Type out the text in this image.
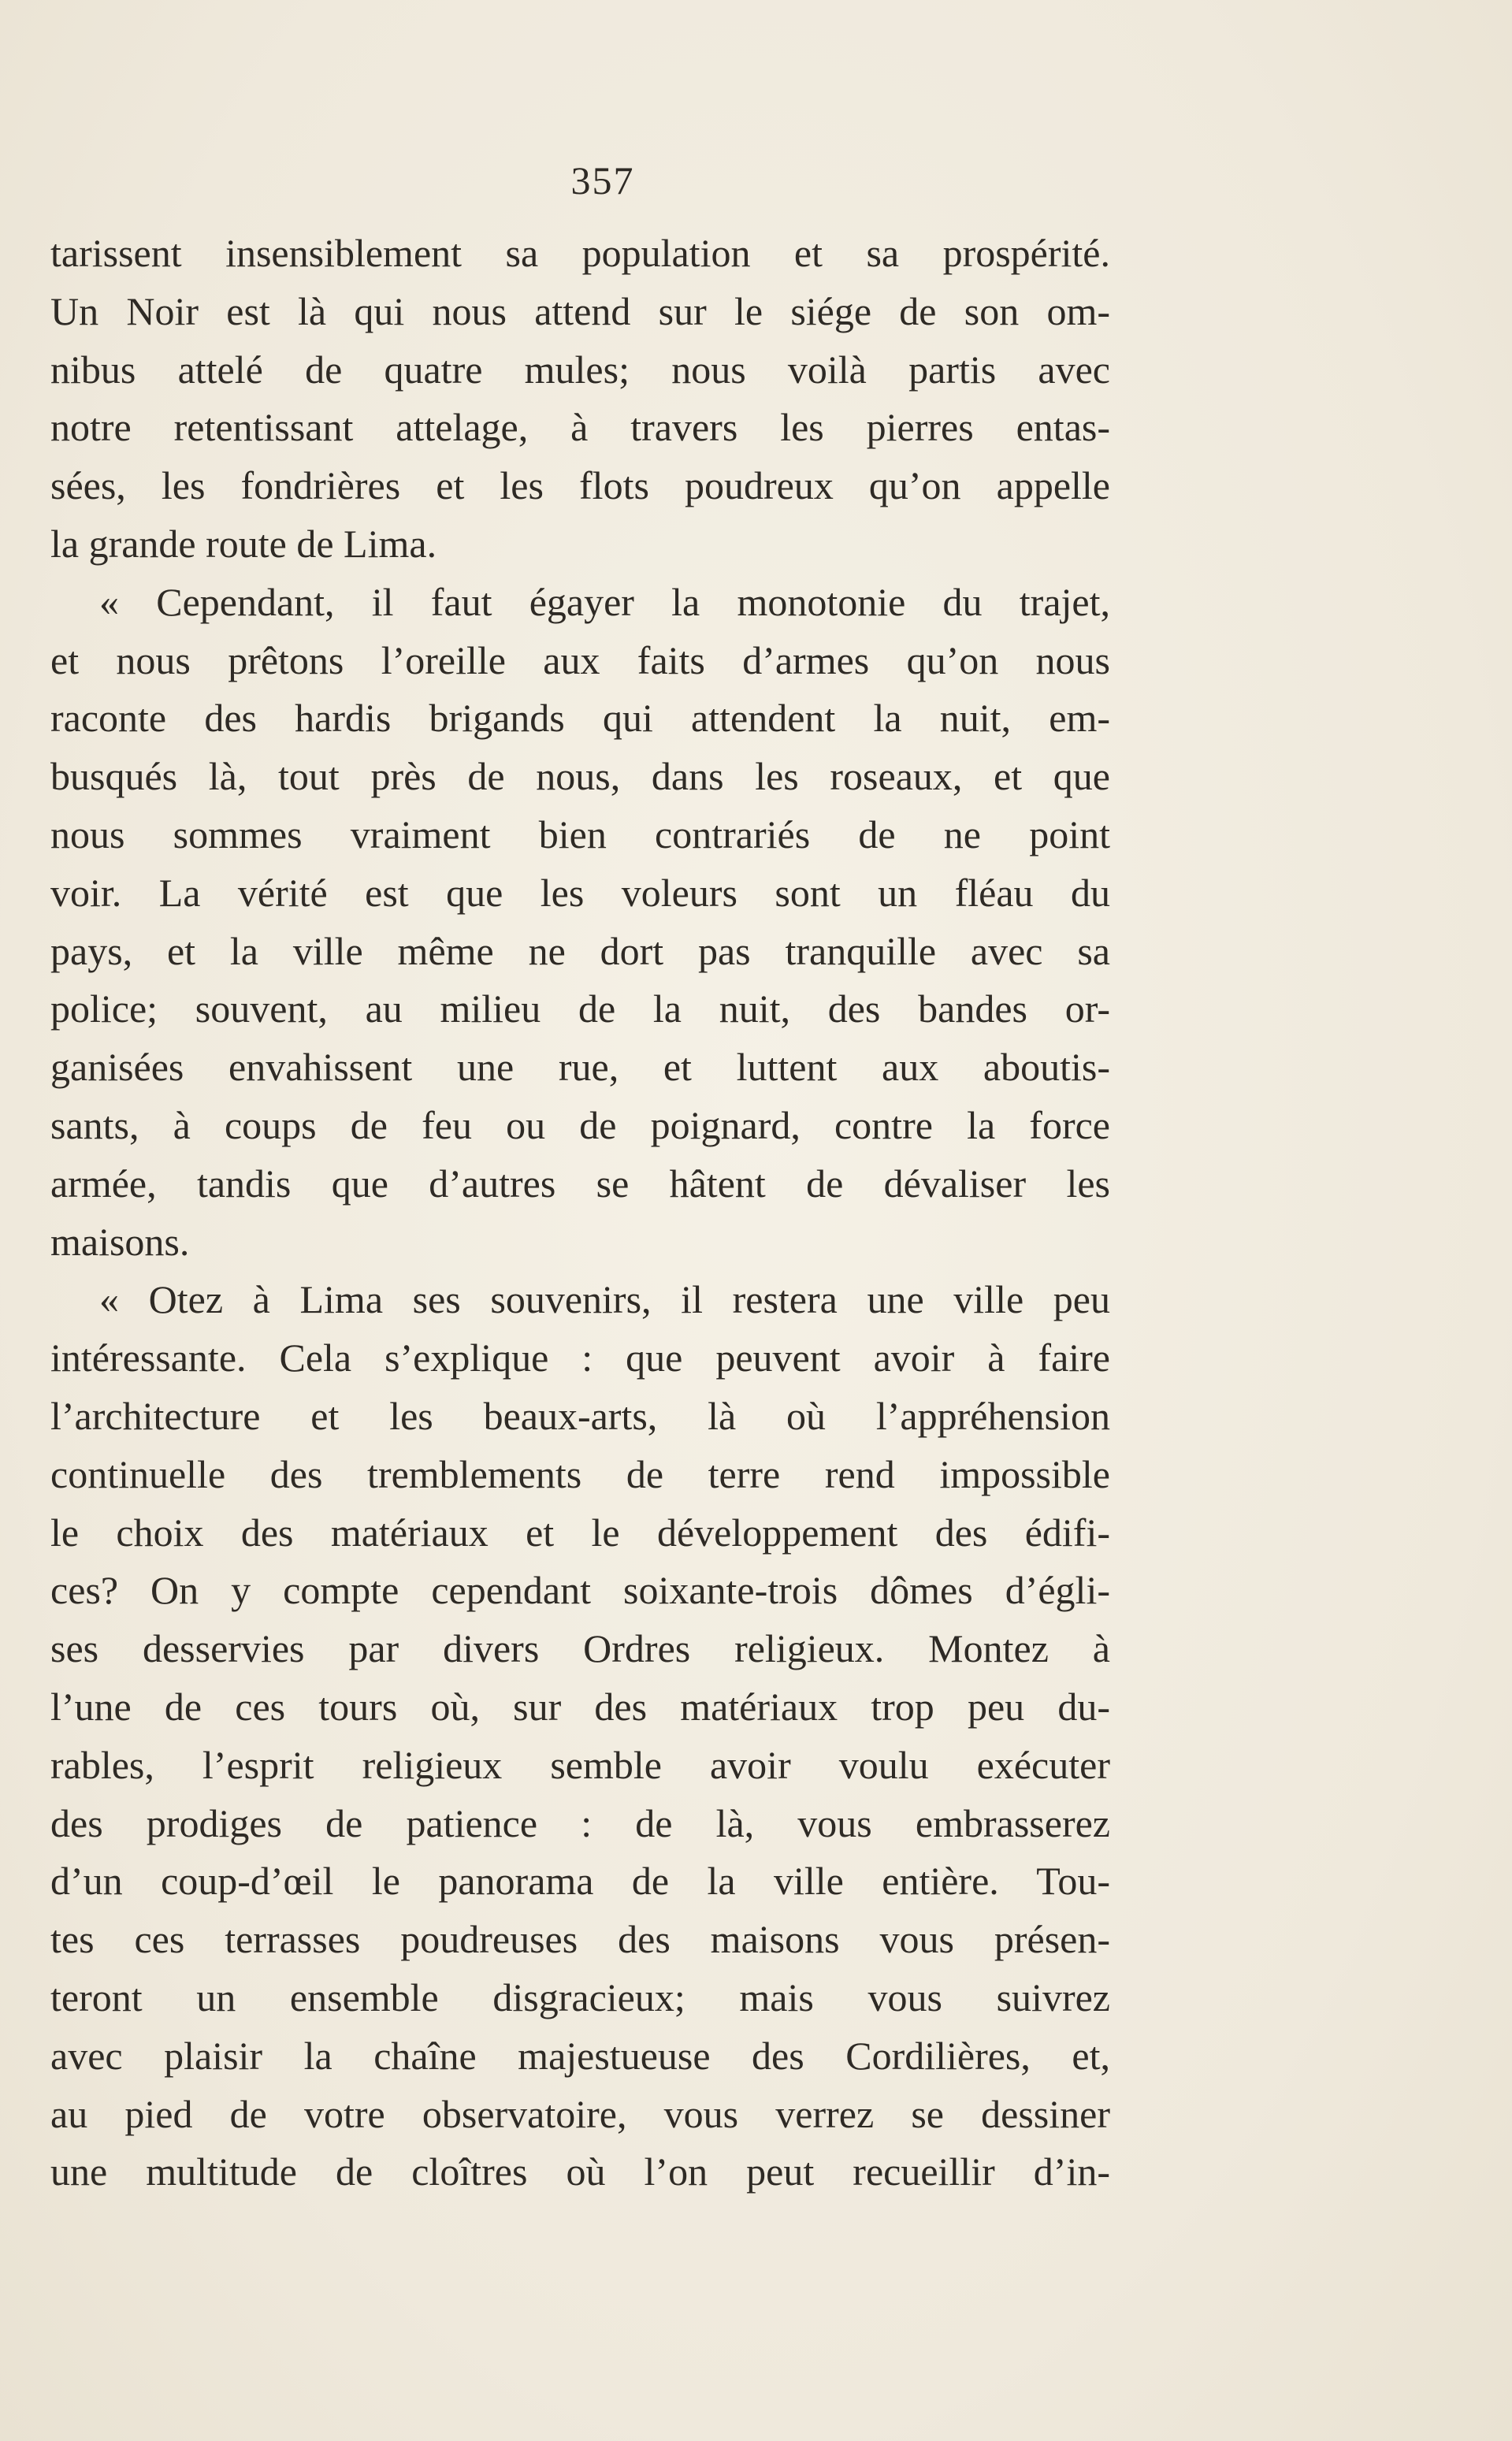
357
tarissent insensiblement sa population et sa prospérité.
Un Noir est là qui nous attend sur le siége de son om-
nibus attelé de quatre mules; nous voilà partis avec
notre retentissant attelage, à travers les pierres entas-
sées, les fondrières et les flots poudreux qu’on appelle
la grande route de Lima.
« Cependant, il faut égayer la monotonie du trajet,
et nous prêtons l’oreille aux faits d’armes qu’on nous
raconte des hardis brigands qui attendent la nuit, em-
busqués là, tout près de nous, dans les roseaux, et que
nous sommes vraiment bien contrariés de ne point
voir. La vérité est que les voleurs sont un fléau du
pays, et la ville même ne dort pas tranquille avec sa
police; souvent, au milieu de la nuit, des bandes or-
ganisées envahissent une rue, et luttent aux aboutis-
sants, à coups de feu ou de poignard, contre la force
armée, tandis que d’autres se hâtent de dévaliser les
maisons.
« Otez à Lima ses souvenirs, il restera une ville peu
intéressante. Cela s’explique : que peuvent avoir à faire
l’architecture et les beaux-arts, là où l’appréhension
continuelle des tremblements de terre rend impossible
le choix des matériaux et le développement des édifi-
ces? On y compte cependant soixante-trois dômes d’égli-
ses desservies par divers Ordres religieux. Montez à
l’une de ces tours où, sur des matériaux trop peu du-
rables, l’esprit religieux semble avoir voulu exécuter
des prodiges de patience : de là, vous embrasserez
d’un coup-d’œil le panorama de la ville entière. Tou-
tes ces terrasses poudreuses des maisons vous présen-
teront un ensemble disgracieux; mais vous suivrez
avec plaisir la chaîne majestueuse des Cordilières, et,
au pied de votre observatoire, vous verrez se dessiner
une multitude de cloîtres où l’on peut recueillir d’in-
